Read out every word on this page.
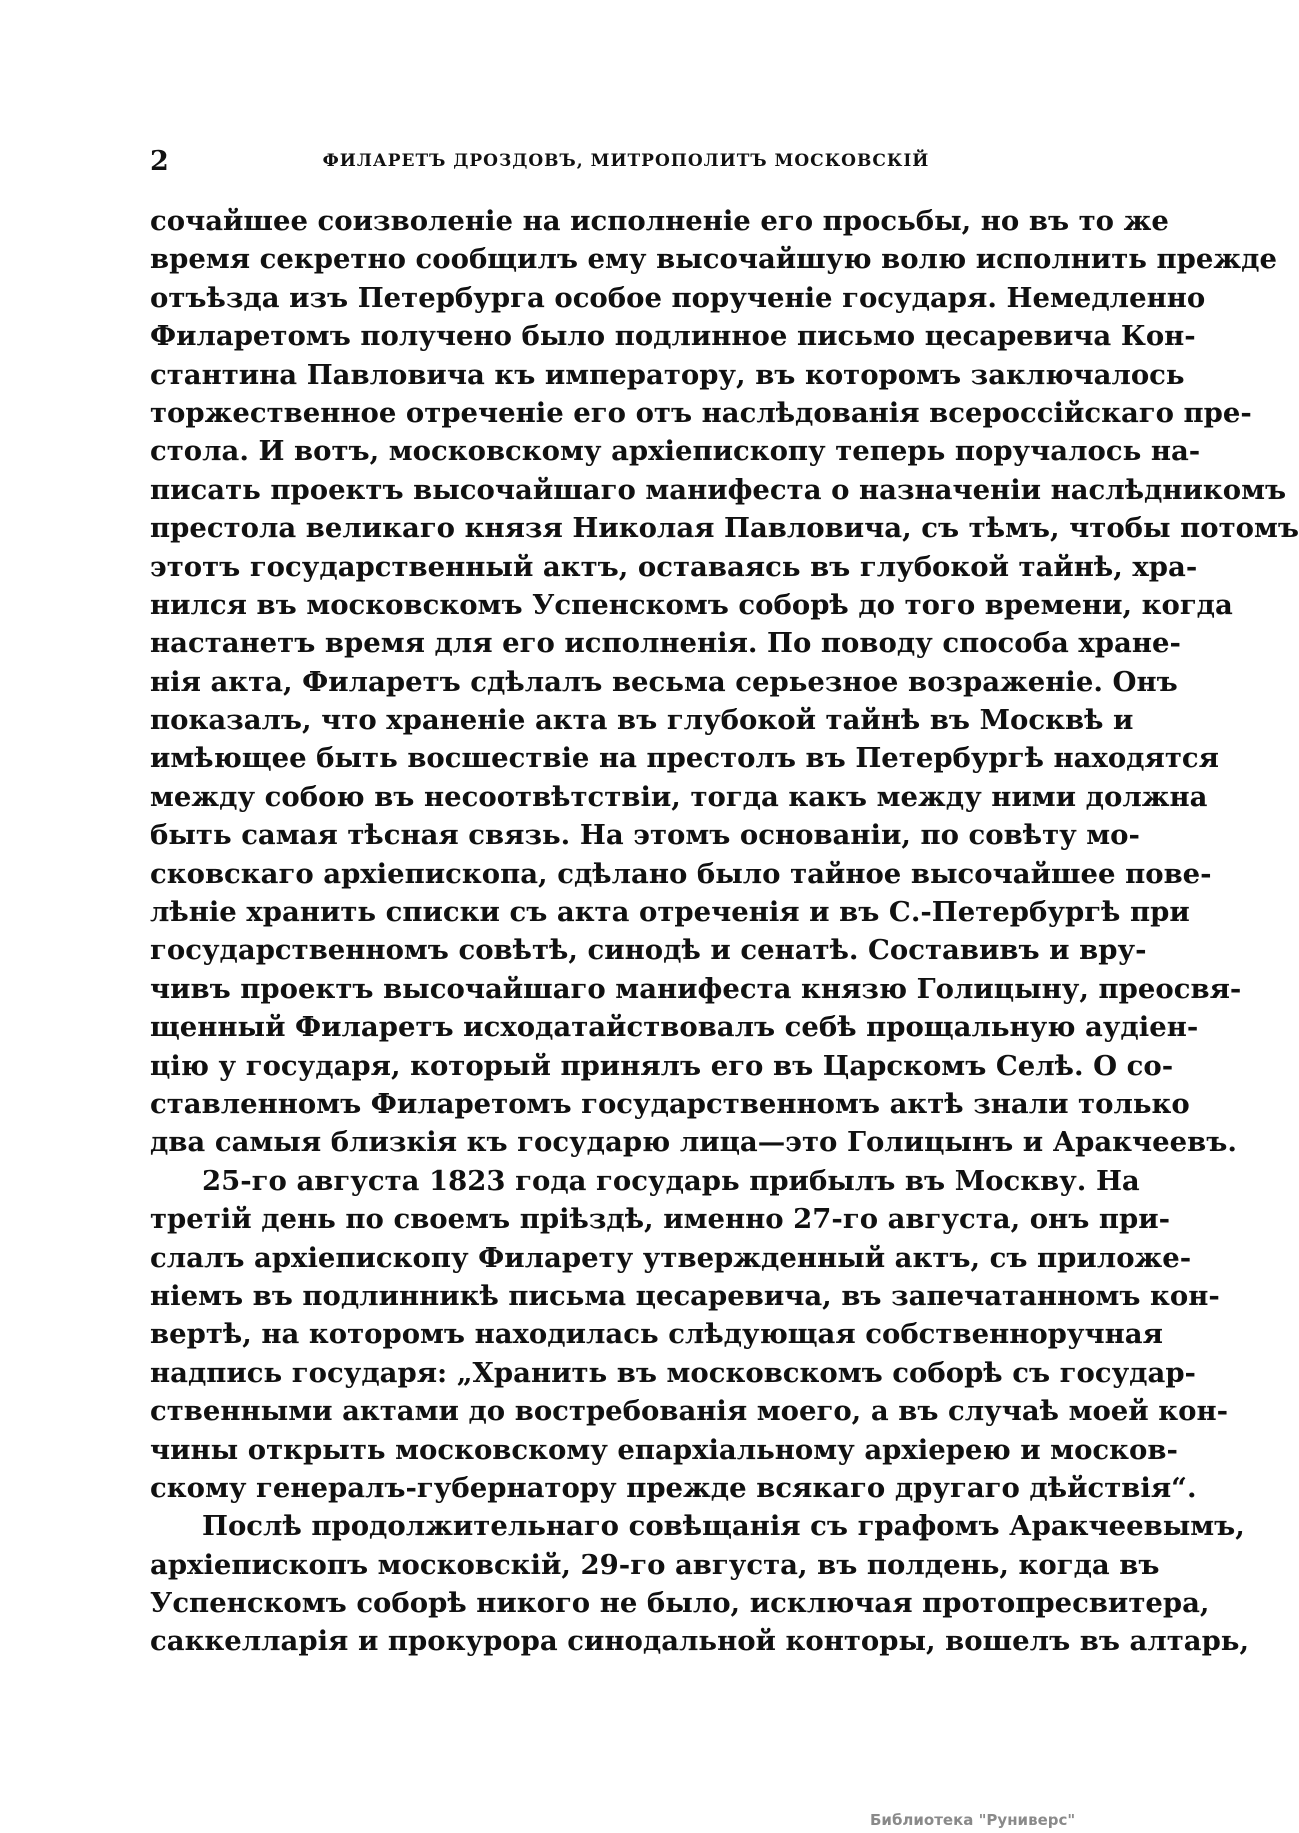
2	ФИЛАРЕТЪ ДРОЗДОВЪ, МИТРОПОЛИТЪ МОСКОВСКІЙ
сочайшее соизволеніе на исполненіе его просьбы, но въ то же
время секретно сообщилъ ему высочайшую волю исполнить прежде
отъѣзда изъ Петербурга особое порученіе государя. Немедленно
Филаретомъ получено было подлинное письмо цесаревича Кон-
стантина Павловича къ императору, въ которомъ заключалось
торжественное отреченіе его отъ наслѣдованія всероссійскаго пре-
стола. И вотъ, московскому архіепископу теперь поручалось на-
писать проектъ высочайшаго манифеста о назначеніи наслѣдникомъ
престола великаго князя Николая Павловича, съ тѣмъ, чтобы потомъ
этотъ государственный актъ, оставаясь въ глубокой тайнѣ, хра-
нился въ московскомъ Успенскомъ соборѣ до того времени, когда
настанетъ время для его исполненія. По поводу способа хране-
нія акта, Филаретъ сдѣлалъ весьма серьезное возраженіе. Онъ
показалъ, что храненіе акта въ глубокой тайнѣ въ Москвѣ и
имѣющее быть восшествіе на престолъ въ Петербургѣ находятся
между собою въ несоотвѣтствіи, тогда какъ между ними должна
быть самая тѣсная связь. На этомъ основаніи, по совѣту мо-
сковскаго архіепископа, сдѣлано было тайное высочайшее пове-
лѣніе хранить списки съ акта отреченія и въ С.-Петербургѣ при
государственномъ совѣтѣ, синодѣ и сенатѣ. Составивъ и вру-
чивъ проектъ высочайшаго манифеста князю Голицыну, преосвя-
щенный Филаретъ исходатайствовалъ себѣ прощальную аудіен-
цію у государя, который принялъ его въ Царскомъ Селѣ. О со-
ставленномъ Филаретомъ государственномъ актѣ знали только
два самыя близкія къ государю лица—это Голицынъ и Аракчеевъ.
25-го августа 1823 года государь прибылъ въ Москву. На
третій день по своемъ пріѣздѣ, именно 27-го августа, онъ при-
слалъ архіепископу Филарету утвержденный актъ, съ приложе-
ніемъ въ подлинникѣ письма цесаревича, въ запечатанномъ кон-
вертѣ, на которомъ находилась слѣдующая собственноручная
надпись государя: „Хранить въ московскомъ соборѣ съ государ-
ственными актами до востребованія моего, а въ случаѣ моей кон-
чины открыть московскому епархіальному архіерею и москов-
скому генералъ-губернатору прежде всякаго другаго дѣйствія“.
Послѣ продолжительнаго совѣщанія съ графомъ Аракчеевымъ,
архіепископъ московскій, 29-го августа, въ полдень, когда въ
Успенскомъ соборѣ никого не было, исключая протопресвитера,
саккелларія и прокурора синодальной конторы, вошелъ въ алтарь,
Библиотека "Руниверс"
